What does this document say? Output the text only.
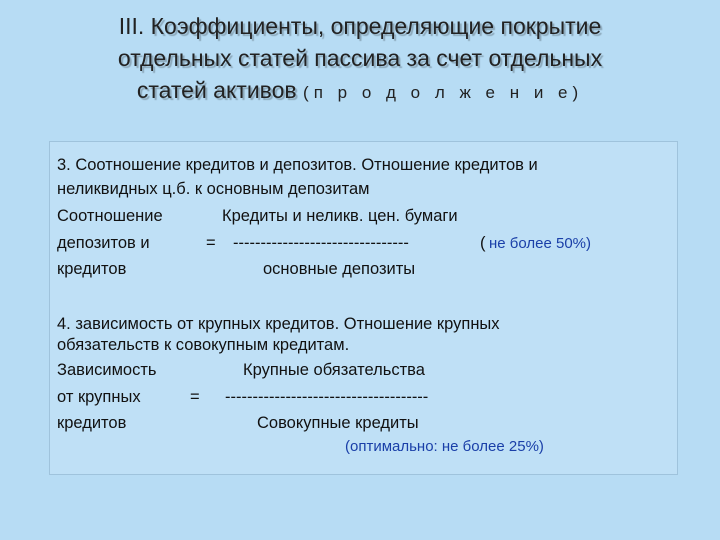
III. Коэффициенты, определяющие покрытие
отдельных статей пассива за счет отдельных
статей активов (п р о д о л ж е н и е)
3. Соотношение кредитов и депозитов. Отношение кредитов и
неликвидных ц.б. к основным депозитам
Соотношение	Кредиты и неликв. цен. бумаги
депозитов и	= --------------------------------	( не более 50%)
кредитов	основные депозиты
4. зависимость от крупных кредитов. Отношение крупных
обязательств к совокупным кредитам.
Зависимость	Крупные обязательства
от крупных	= -------------------------------------
кредитов	Совокупные кредиты
(оптимально: не более 25%)
